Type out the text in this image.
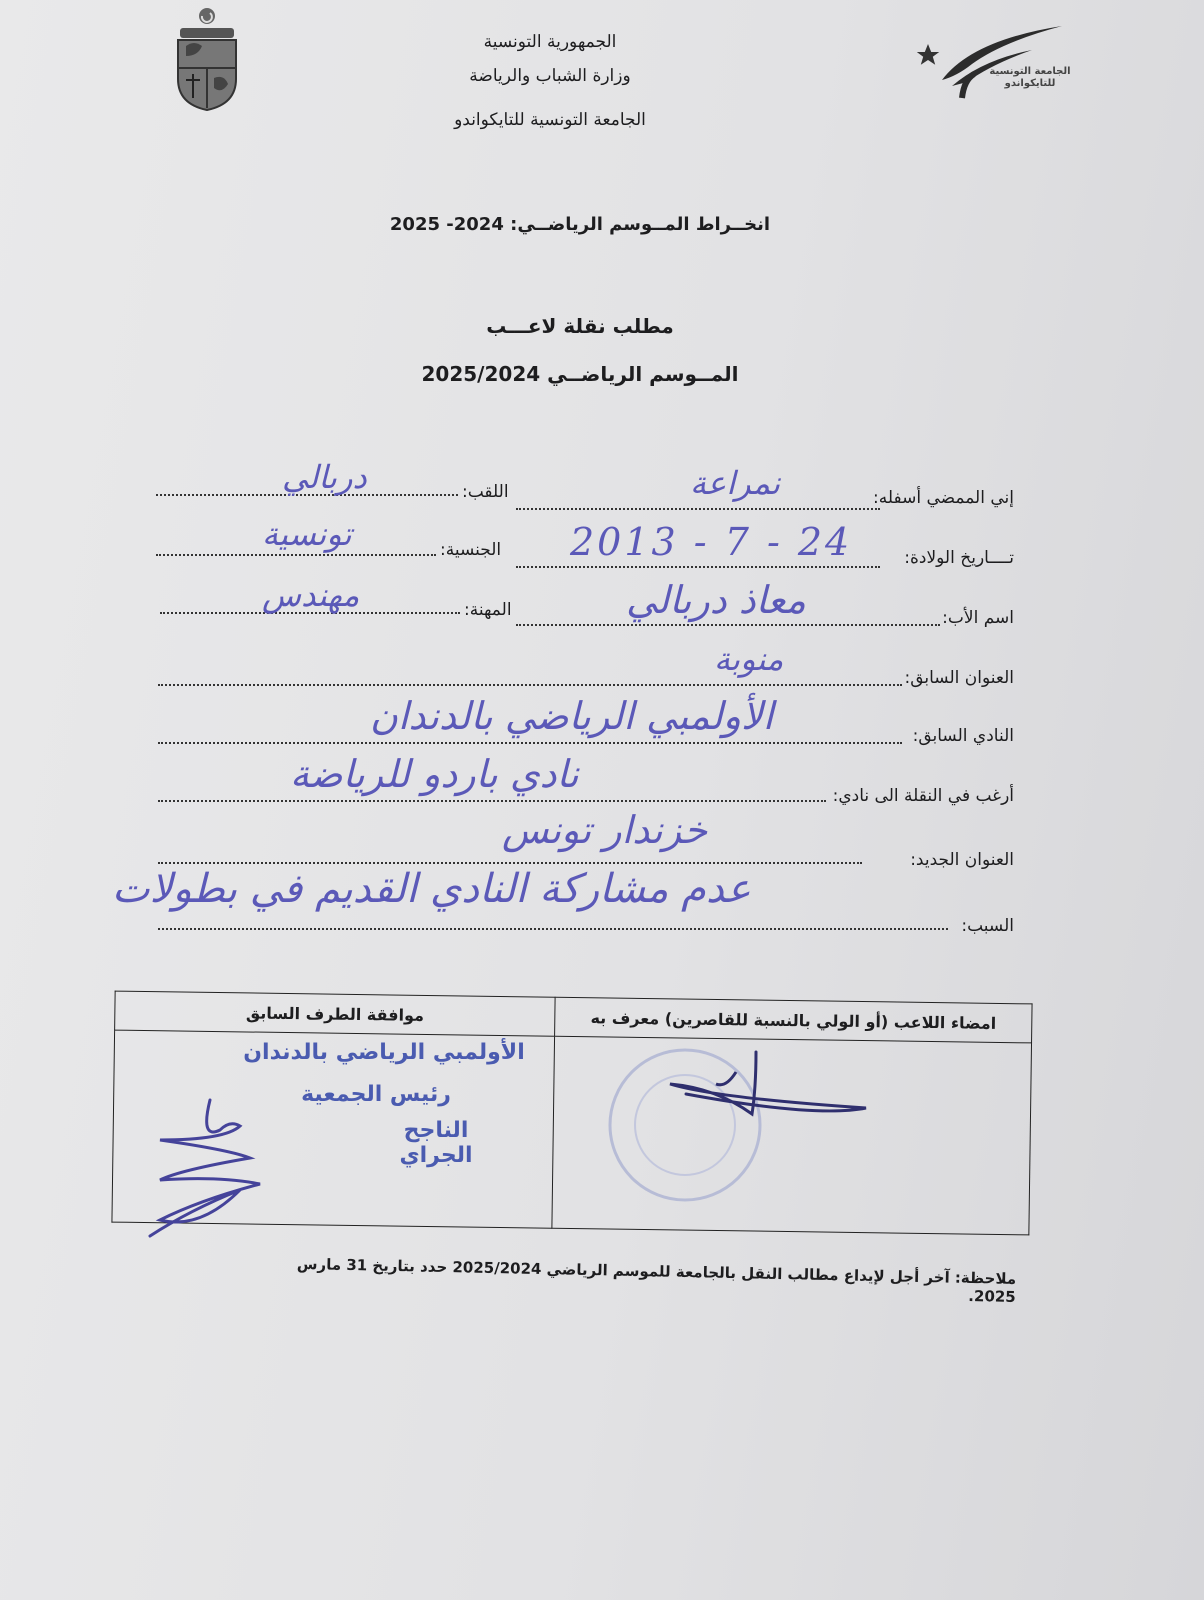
الجمهورية التونسية
وزارة الشباب والرياضة
الجامعة التونسية للتايكواندو
الجامعة التونسية للتايكواندو
انخــراط المــوسم الرياضــي: 2024- 2025
مطلب نقلة لاعـــب
المــوسم الرياضــي 2025/2024
إني الممضي أسفله:
نمراعة
اللقب:
دربالي
تــــاريخ الولادة:
2013 - 7 - 24
الجنسية:
تونسية
اسم الأب:
معاذ دربالي
المهنة:
مهندس
العنوان السابق:
منوبة
النادي السابق:
الأولمبي الرياضي بالدندان
أرغب في النقلة الى نادي:
نادي باردو للرياضة
العنوان الجديد:
خزندار تونس
السبب:
عدم مشاركة النادي القديم في بطولات
موافقة الطرف السابق	امضاء اللاعب (أو الولي بالنسبة للقاصرين) معرف به

الأولمبي الرياضي بالدندان
رئيس الجمعية
الناجح الجراي
ملاحظة: آخر أجل لإيداع مطالب النقل بالجامعة للموسم الرياضي 2025/2024 حدد بتاريخ 31 مارس 2025.
